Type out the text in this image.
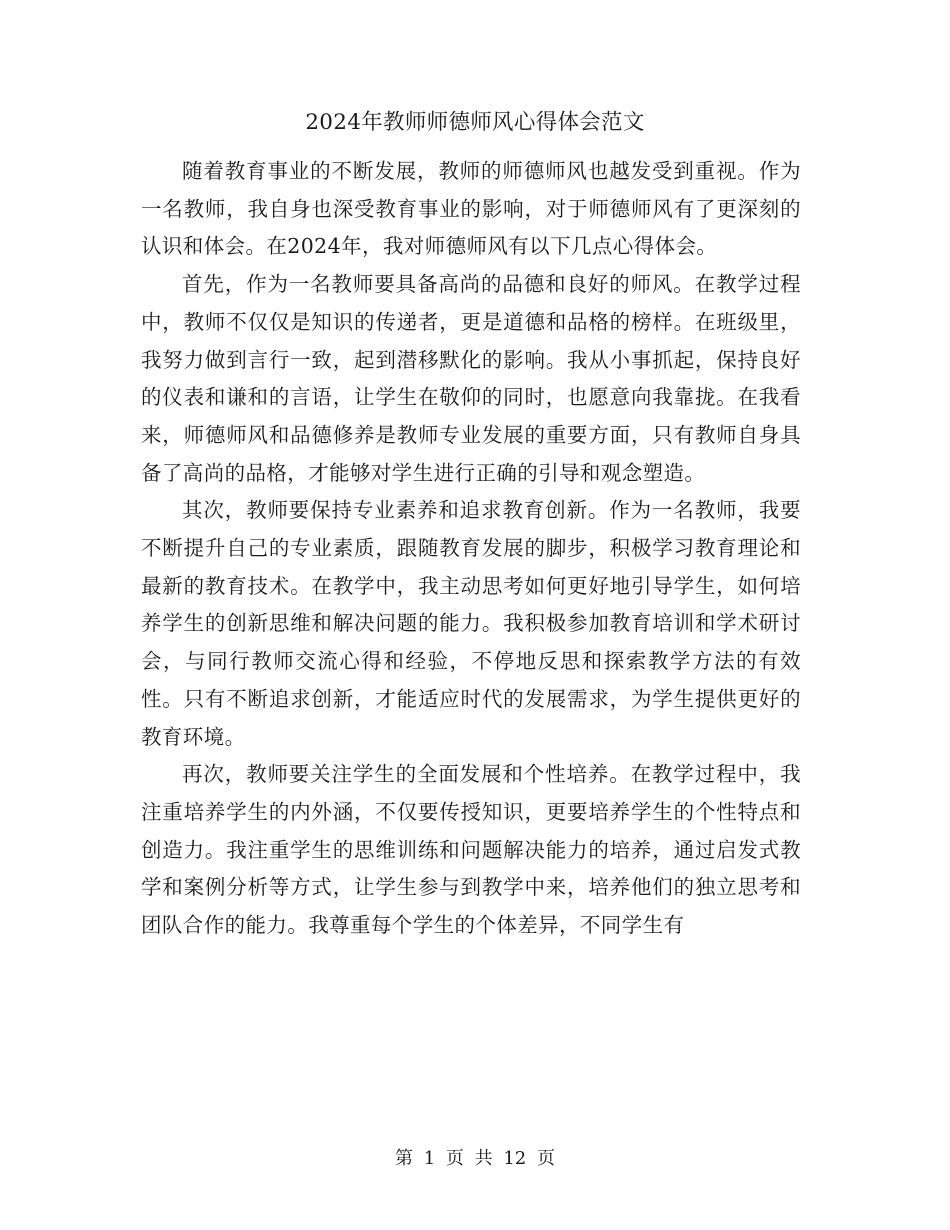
2024年教师师德师风心得体会范文

随着教育事业的不断发展，教师的师德师风也越发受到重视。作为一名教师，我自身也深受教育事业的影响，对于师德师风有了更深刻的认识和体会。在2024年，我对师德师风有以下几点心得体会。

首先，作为一名教师要具备高尚的品德和良好的师风。在教学过程中，教师不仅仅是知识的传递者，更是道德和品格的榜样。在班级里，我努力做到言行一致，起到潜移默化的影响。我从小事抓起，保持良好的仪表和谦和的言语，让学生在敬仰的同时，也愿意向我靠拢。在我看来，师德师风和品德修养是教师专业发展的重要方面，只有教师自身具备了高尚的品格，才能够对学生进行正确的引导和观念塑造。

其次，教师要保持专业素养和追求教育创新。作为一名教师，我要不断提升自己的专业素质，跟随教育发展的脚步，积极学习教育理论和最新的教育技术。在教学中，我主动思考如何更好地引导学生，如何培养学生的创新思维和解决问题的能力。我积极参加教育培训和学术研讨会，与同行教师交流心得和经验，不停地反思和探索教学方法的有效性。只有不断追求创新，才能适应时代的发展需求，为学生提供更好的教育环境。

再次，教师要关注学生的全面发展和个性培养。在教学过程中，我注重培养学生的内外涵，不仅要传授知识，更要培养学生的个性特点和创造力。我注重学生的思维训练和问题解决能力的培养，通过启发式教学和案例分析等方式，让学生参与到教学中来，培养他们的独立思考和团队合作的能力。我尊重每个学生的个体差异，不同学生有

第 1 页 共 12 页
